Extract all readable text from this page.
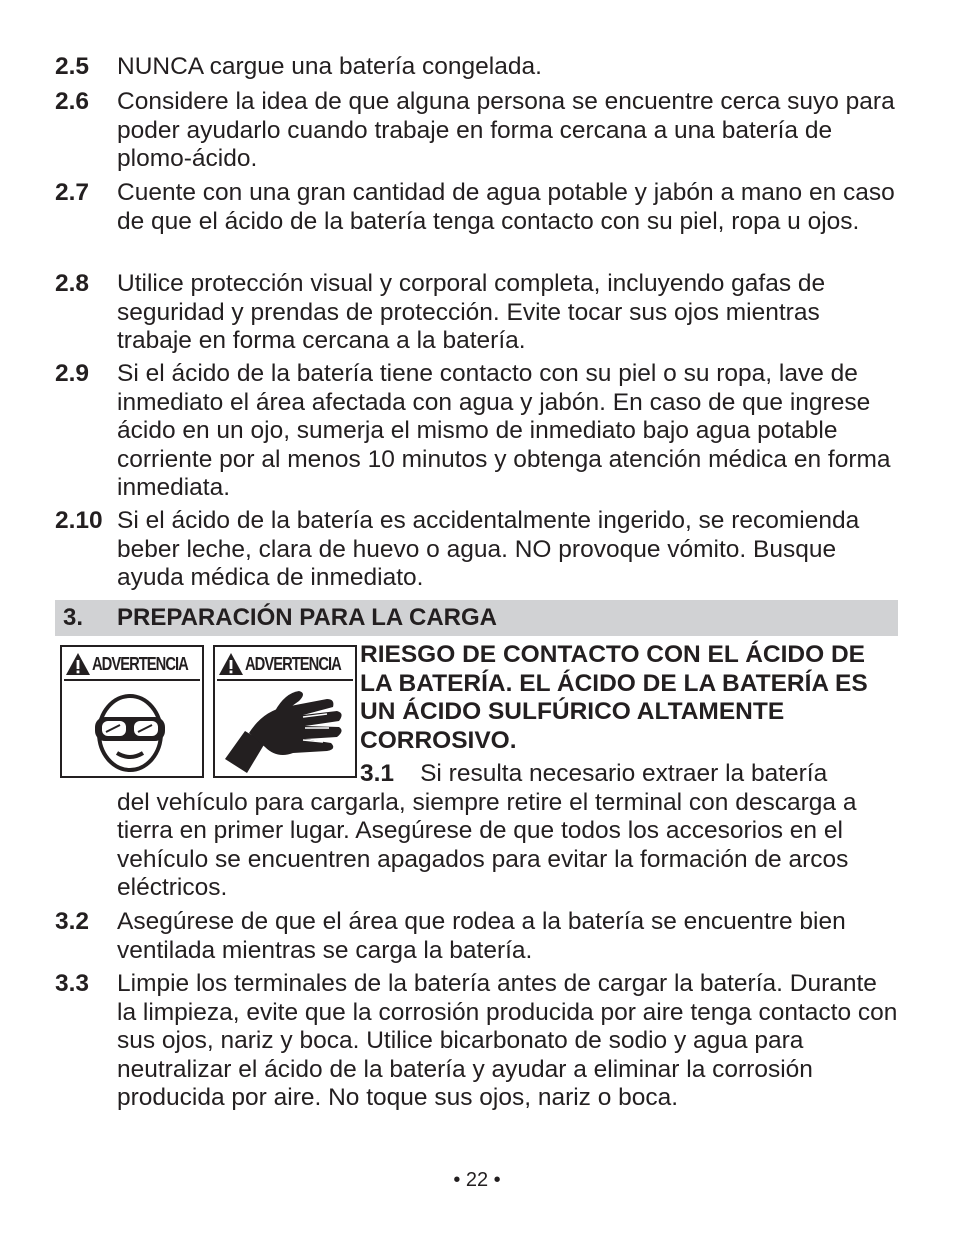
2.5 NUNCA cargue una batería congelada.
2.6 Considere la idea de que alguna persona se encuentre cerca suyo para poder ayudarlo cuando trabaje en forma cercana a una batería de plomo-ácido.
2.7 Cuente con una gran cantidad de agua potable y jabón a mano en caso de que el ácido de la batería tenga contacto con su piel, ropa u ojos.
2.8 Utilice protección visual y corporal completa, incluyendo gafas de seguridad y prendas de protección. Evite tocar sus ojos mientras trabaje en forma cercana a la batería.
2.9 Si el ácido de la batería tiene contacto con su piel o su ropa, lave de inmediato el área afectada con agua y jabón. En caso de que ingrese ácido en un ojo, sumerja el mismo de inmediato bajo agua potable corriente por al menos 10 minutos y obtenga atención médica en forma inmediata.
2.10 Si el ácido de la batería es accidentalmente ingerido, se recomienda beber leche, clara de huevo o agua. NO provoque vómito. Busque ayuda médica de inmediato.
3. PREPARACIÓN PARA LA CARGA
ADVERTENCIA	ADVERTENCIA RIESGO DE CONTACTO CON EL ÁCIDO DE LA BATERÍA. EL ÁCIDO DE LA BATERÍA ES UN ÁCIDO SULFÚRICO ALTAMENTE CORROSIVO.
3.1 Si resulta necesario extraer la batería
del vehículo para cargarla, siempre retire el terminal con descarga a tierra en primer lugar. Asegúrese de que todos los accesorios en el vehículo se encuentren apagados para evitar la formación de arcos eléctricos.
3.2 Asegúrese de que el área que rodea a la batería se encuentre bien ventilada mientras se carga la batería.
3.3 Limpie los terminales de la batería antes de cargar la batería. Durante la limpieza, evite que la corrosión producida por aire tenga contacto con sus ojos, nariz y boca. Utilice bicarbonato de sodio y agua para neutralizar el ácido de la batería y ayudar a eliminar la corrosión producida por aire. No toque sus ojos, nariz o boca.
• 22 •
